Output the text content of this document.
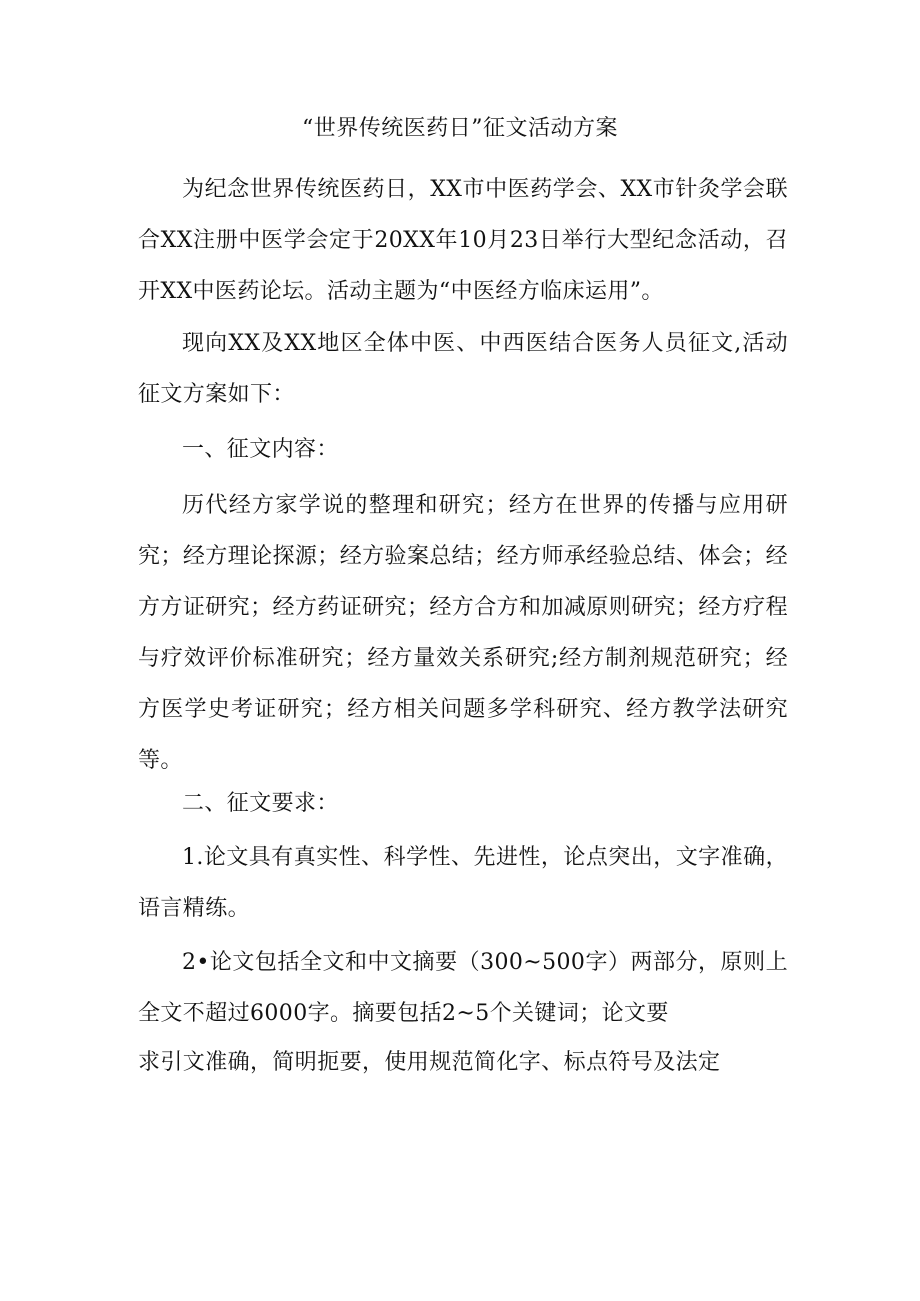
“世界传统医药日”征文活动方案

为纪念世界传统医药日，XX市中医药学会、XX市针灸学会联合XX注册中医学会定于20XX年10月23日举行大型纪念活动，召开XX中医药论坛。活动主题为“中医经方临床运用”。

现向XX及XX地区全体中医、中西医结合医务人员征文,活动征文方案如下：

一、征文内容：

历代经方家学说的整理和研究；经方在世界的传播与应用研究；经方理论探源；经方验案总结；经方师承经验总结、体会；经方方证研究；经方药证研究；经方合方和加减原则研究；经方疗程与疗效评价标准研究；经方量效关系研究;经方制剂规范研究；经方医学史考证研究；经方相关问题多学科研究、经方教学法研究等。

二、征文要求：

1.论文具有真实性、科学性、先进性，论点突出，文字准确，语言精练。

2•论文包括全文和中文摘要（300~500字）两部分，原则上全文不超过6000字。摘要包括2~5个关键词；论文要

求引文准确，简明扼要，使用规范简化字、标点符号及法定
